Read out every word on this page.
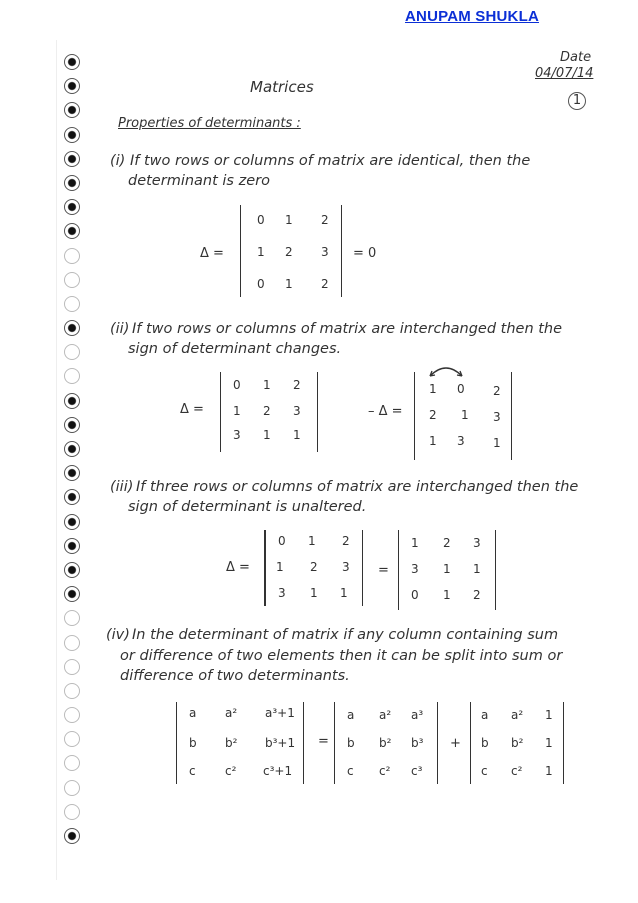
ANUPAM SHUKLA
Date
04/07/14
1
Matrices
Properties of determinants :
(i) If two rows or columns of matrix are identical, then the
determinant is zero
Δ =
0 1 2
1 2 3
0 1 2
= 0
(ii) If two rows or columns of matrix are interchanged then the
sign of determinant changes.
Δ =
0 1 2
1 2 3
3 1 1
– Δ =
1 0 2
2 1 3
1 3 1
(iii) If three rows or columns of matrix are interchanged then the
sign of determinant is unaltered.
Δ =
0 1 2
1 2 3
3 1 1
=
1 2 3
3 1 1
0 1 2
(iv) In the determinant of matrix if any column containing sum
or difference of two elements then it can be split into sum or
difference of two determinants.
a a² a³+1
b b² b³+1
c c² c³+1
=
a a² a³
b b² b³
c c² c³
+
a a² 1
b b² 1
c c² 1
